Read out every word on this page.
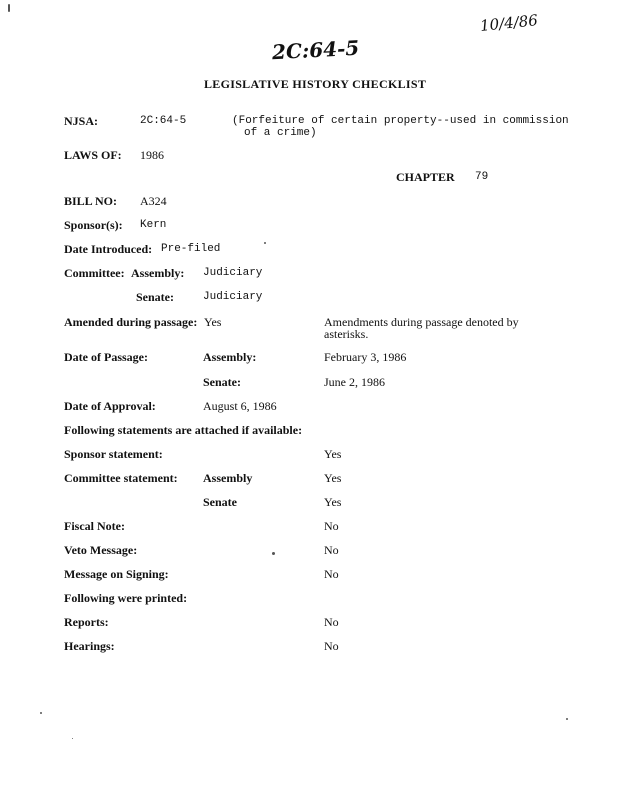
10/4/86
2C:64-5
LEGISLATIVE HISTORY CHECKLIST
NJSA:	2C:64-5	(Forfeiture of certain property--used in commission
of a crime)
LAWS OF: 1986
CHAPTER 79
BILL NO: A324
Sponsor(s): Kern
Date Introduced: Pre-filed
Committee: Assembly: Judiciary
Senate:	Judiciary
Amended during passage: Yes	Amendments during passage denoted by
asterisks.
Date of Passage:	Assembly:	February 3, 1986
Senate:	June 2, 1986
Date of Approval:	August 6, 1986
Following statements are attached if available:
Sponsor statement:	Yes
Committee statement: Assembly	Yes
Senate	Yes
Fiscal Note:	No
Veto Message:	No
Message on Signing:	No
Following were printed:
Reports:	No
Hearings:	No
